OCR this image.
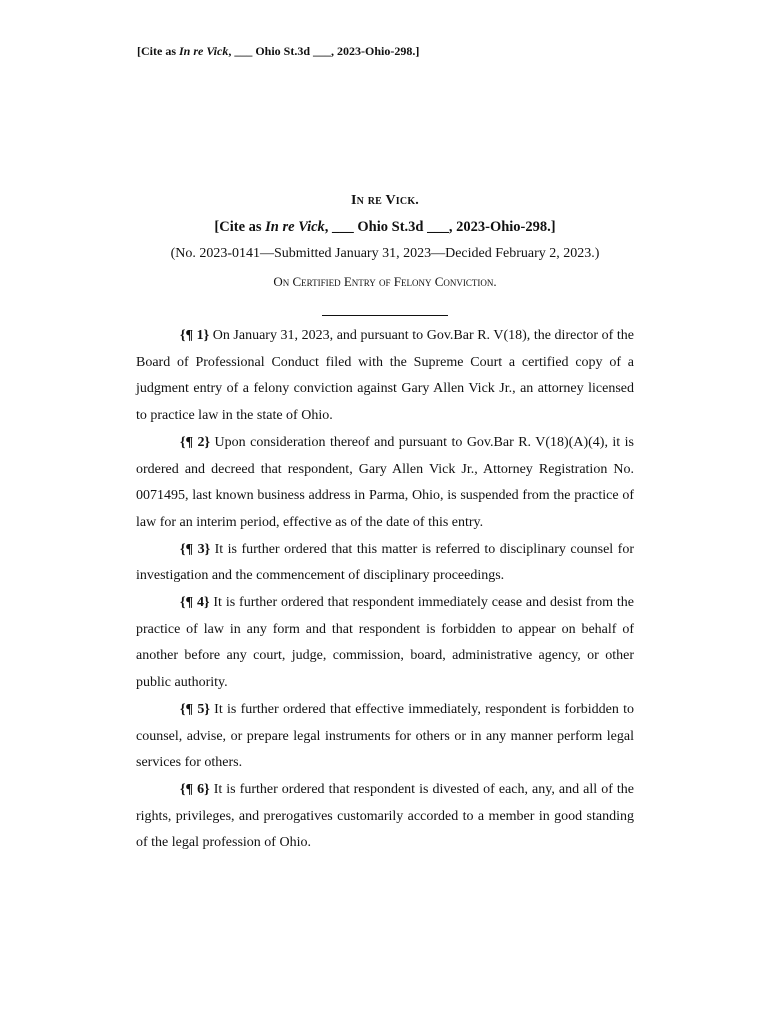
[Cite as In re Vick, ___ Ohio St.3d ___, 2023-Ohio-298.]
In re Vick.
[Cite as In re Vick, ___ Ohio St.3d ___, 2023-Ohio-298.]
(No. 2023-0141—Submitted January 31, 2023—Decided February 2, 2023.)
On Certified Entry of Felony Conviction.

{¶ 1} On January 31, 2023, and pursuant to Gov.Bar R. V(18), the director of the Board of Professional Conduct filed with the Supreme Court a certified copy of a judgment entry of a felony conviction against Gary Allen Vick Jr., an attorney licensed to practice law in the state of Ohio.

{¶ 2} Upon consideration thereof and pursuant to Gov.Bar R. V(18)(A)(4), it is ordered and decreed that respondent, Gary Allen Vick Jr., Attorney Registration No. 0071495, last known business address in Parma, Ohio, is suspended from the practice of law for an interim period, effective as of the date of this entry.

{¶ 3} It is further ordered that this matter is referred to disciplinary counsel for investigation and the commencement of disciplinary proceedings.

{¶ 4} It is further ordered that respondent immediately cease and desist from the practice of law in any form and that respondent is forbidden to appear on behalf of another before any court, judge, commission, board, administrative agency, or other public authority.

{¶ 5} It is further ordered that effective immediately, respondent is forbidden to counsel, advise, or prepare legal instruments for others or in any manner perform legal services for others.

{¶ 6} It is further ordered that respondent is divested of each, any, and all of the rights, privileges, and prerogatives customarily accorded to a member in good standing of the legal profession of Ohio.
